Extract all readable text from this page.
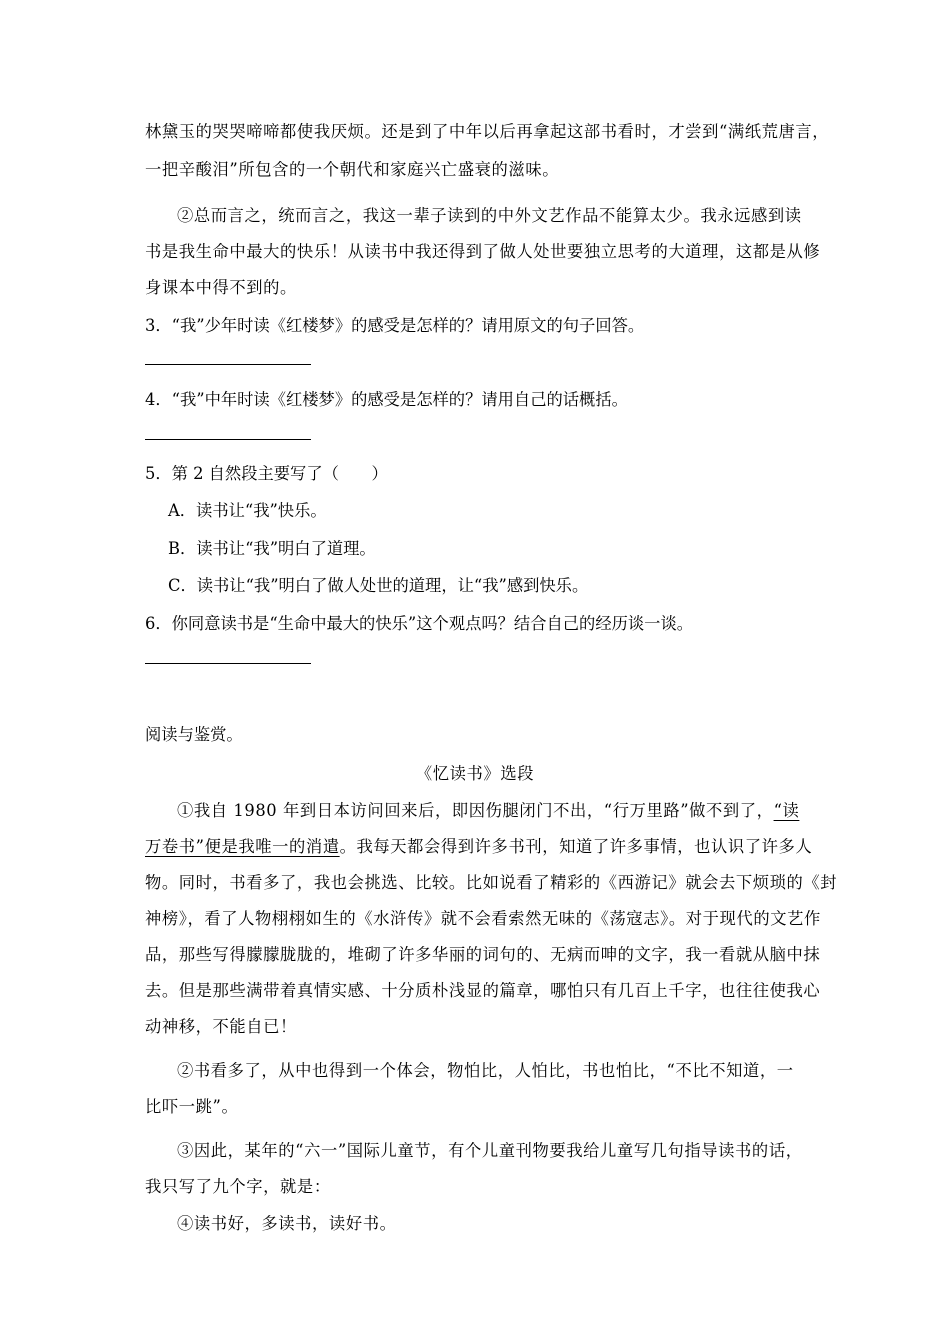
林黛玉的哭哭啼啼都使我厌烦。还是到了中年以后再拿起这部书看时，才尝到“满纸荒唐言，
一把辛酸泪”所包含的一个朝代和家庭兴亡盛衰的滋味。
②总而言之，统而言之，我这一辈子读到的中外文艺作品不能算太少。我永远感到读
书是我生命中最大的快乐！从读书中我还得到了做人处世要独立思考的大道理，这都是从修
身课本中得不到的。
3．“我”少年时读《红楼梦》的感受是怎样的？请用原文的句子回答。
4．“我”中年时读《红楼梦》的感受是怎样的？请用自己的话概括。
5．第 2 自然段主要写了（　　）
A．读书让“我”快乐。
B．读书让“我”明白了道理。
C．读书让“我”明白了做人处世的道理，让“我”感到快乐。
6．你同意读书是“生命中最大的快乐”这个观点吗？结合自己的经历谈一谈。
阅读与鉴赏。
《忆读书》选段
①我自 1980 年到日本访问回来后，即因伤腿闭门不出，“行万里路”做不到了，“读
万卷书”便是我唯一的消遣。我每天都会得到许多书刊，知道了许多事情，也认识了许多人
物。同时，书看多了，我也会挑选、比较。比如说看了精彩的《西游记》就会去下烦琐的《封
神榜》，看了人物栩栩如生的《水浒传》就不会看索然无味的《荡寇志》。对于现代的文艺作
品，那些写得朦朦胧胧的，堆砌了许多华丽的词句的、无病而呻的文字，我一看就从脑中抹
去。但是那些满带着真情实感、十分质朴浅显的篇章，哪怕只有几百上千字，也往往使我心
动神移，不能自已！
②书看多了，从中也得到一个体会，物怕比，人怕比，书也怕比，“不比不知道，一
比吓一跳”。
③因此，某年的“六一”国际儿童节，有个儿童刊物要我给儿童写几句指导读书的话，
我只写了九个字，就是：
④读书好，多读书，读好书。
